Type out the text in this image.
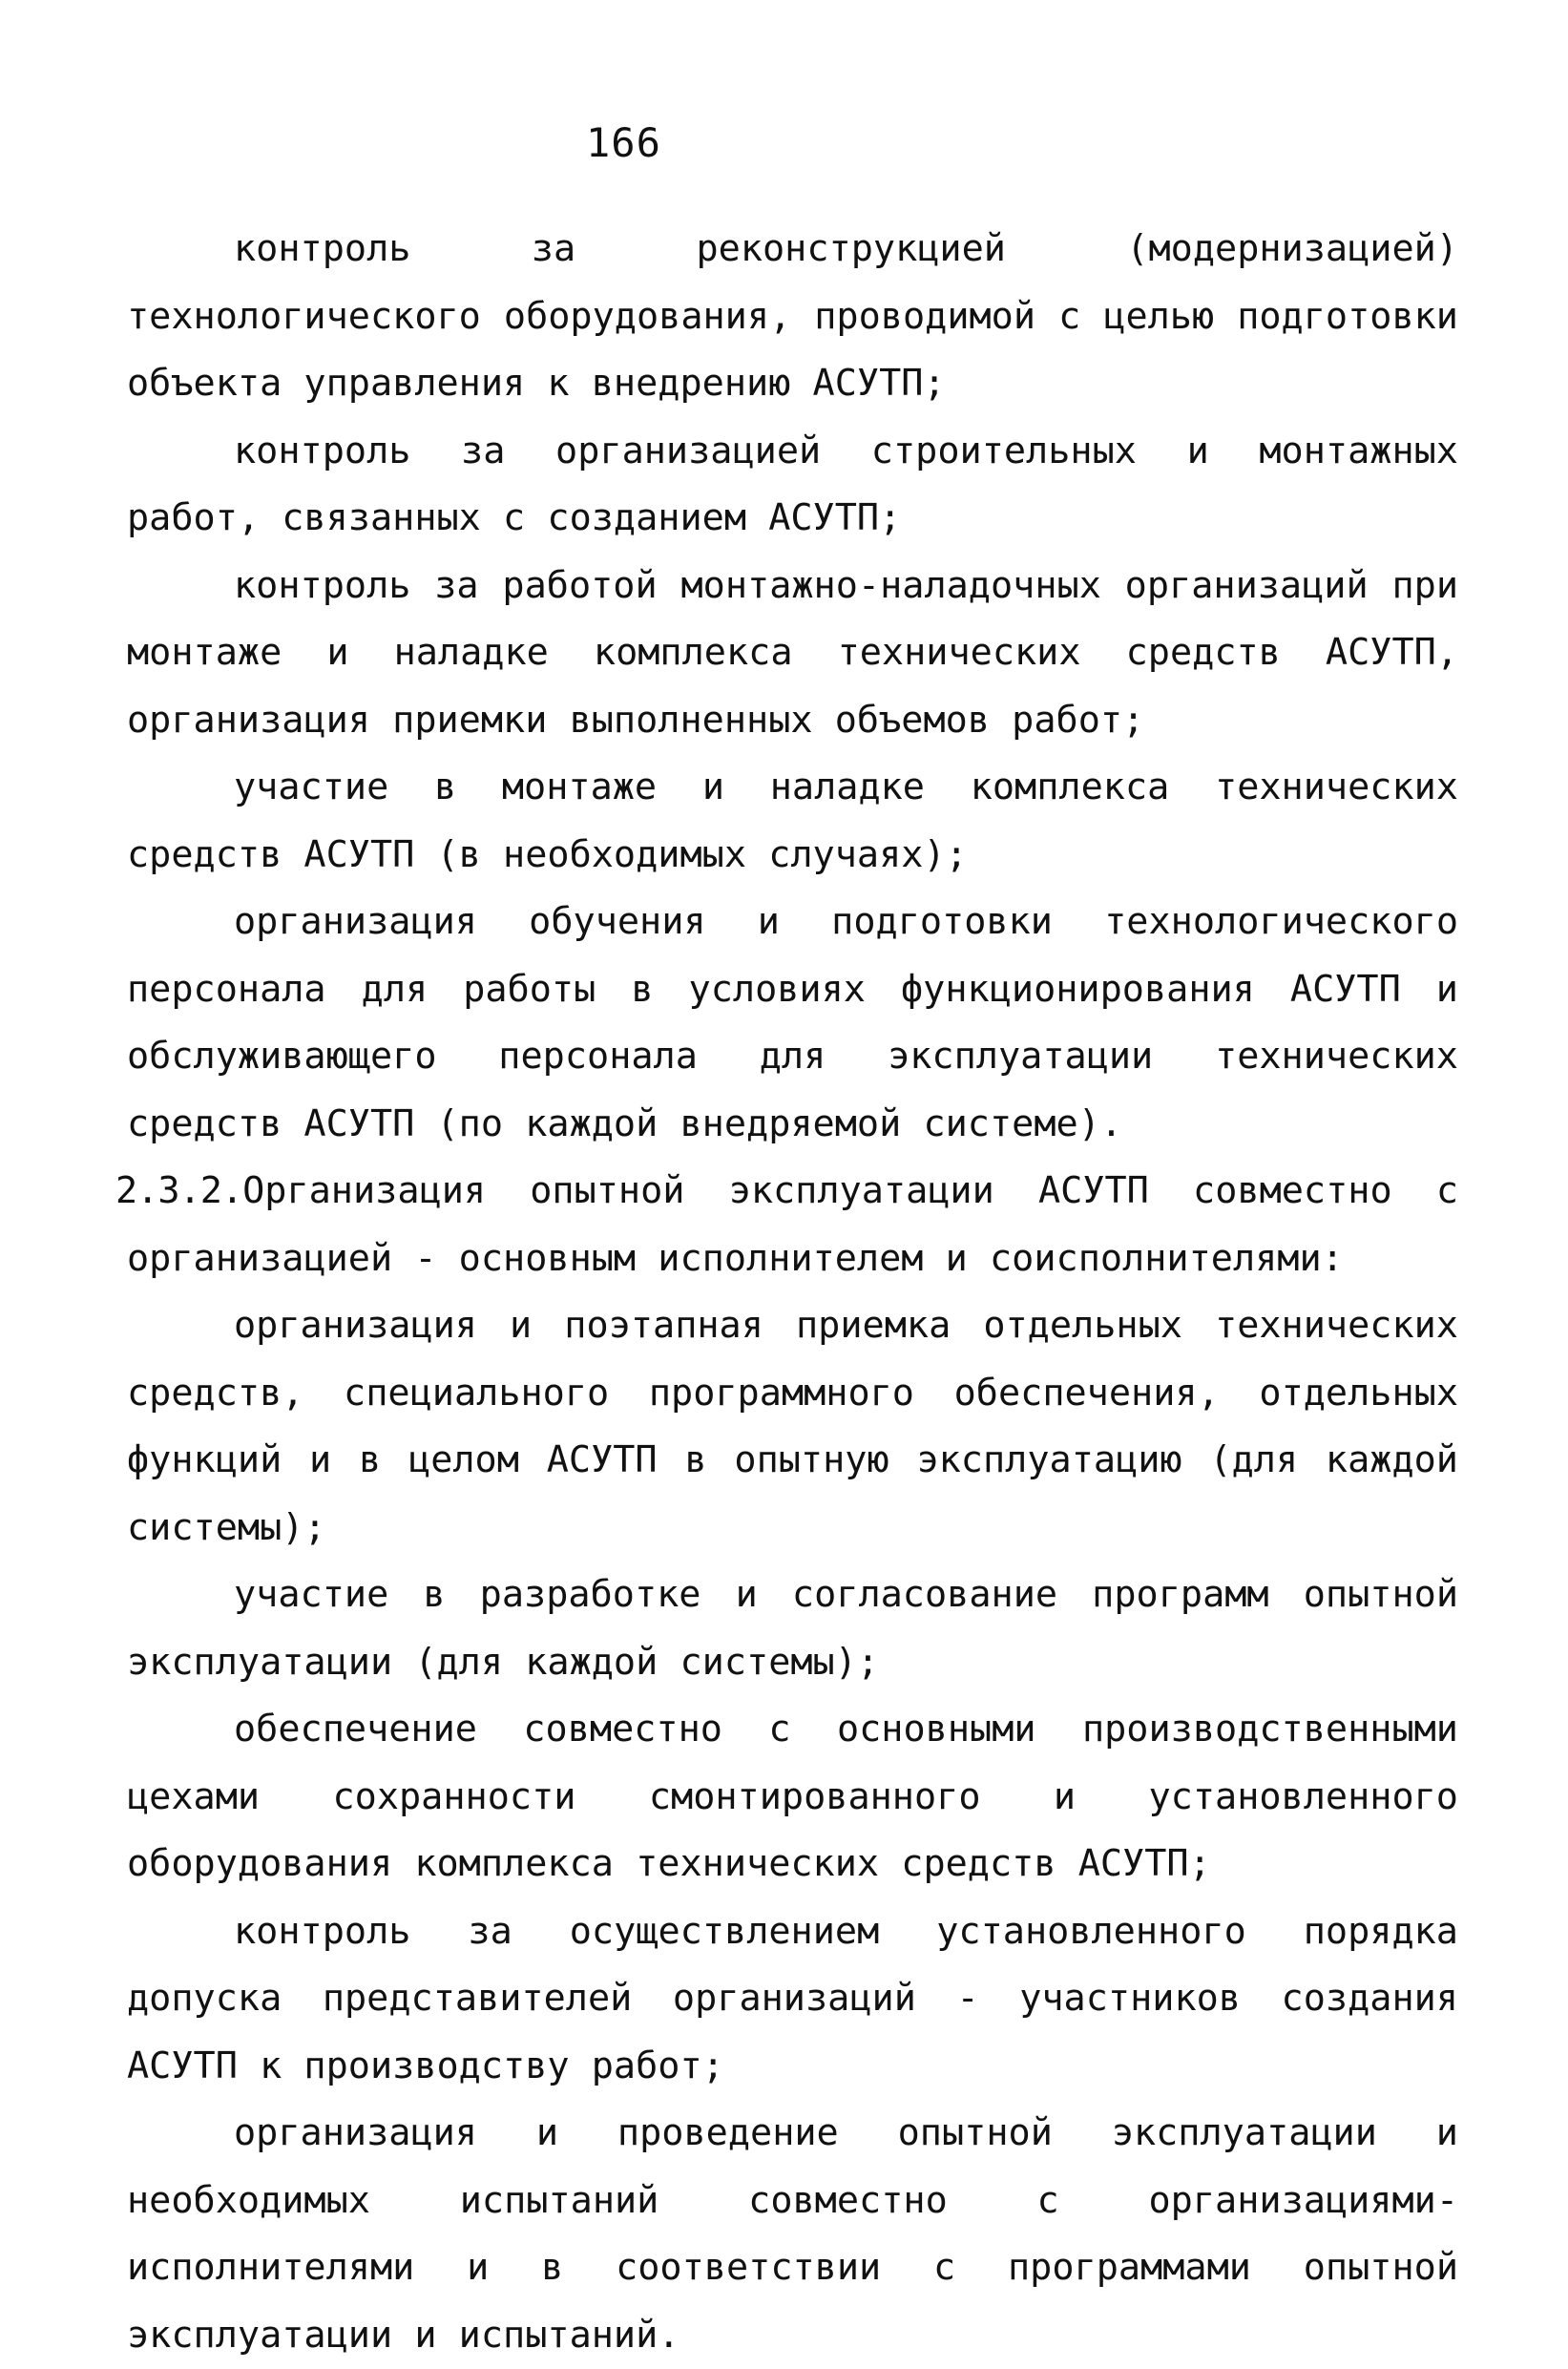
166

контроль за реконструкцией (модернизацией) технологического оборудования, проводимой с целью подготовки объекта управления к внедрению АСУТП;

контроль за организацией строительных и монтажных работ, связанных с созданием АСУТП;

контроль за работой монтажно-наладочных организаций при монтаже и наладке комплекса технических средств АСУТП, организация приемки выполненных объемов работ;

участие в монтаже и наладке комплекса технических средств АСУТП (в необходимых случаях);

организация обучения и подготовки технологического персонала для работы в условиях функционирования АСУТП и обслуживающего персонала для эксплуатации технических средств АСУТП (по каждой внедряемой системе).

2.3.2.Организация опытной эксплуатации АСУТП совместно с организацией - основным исполнителем и соисполнителями:

организация и поэтапная приемка отдельных технических средств, специального программного обеспечения, отдельных функций и в целом АСУТП в опытную эксплуатацию (для каждой системы);

участие в разработке и согласование программ опытной эксплуатации (для каждой системы);

обеспечение совместно с основными производственными цехами сохранности смонтированного и установленного оборудования комплекса технических средств АСУТП;

контроль за осуществлением установленного порядка допуска представителей организаций - участников создания АСУТП к производству работ;

организация и проведение опытной эксплуатации и необходимых испытаний совместно с организациями-исполнителями и в соответствии с программами опытной эксплуатации и испытаний.
